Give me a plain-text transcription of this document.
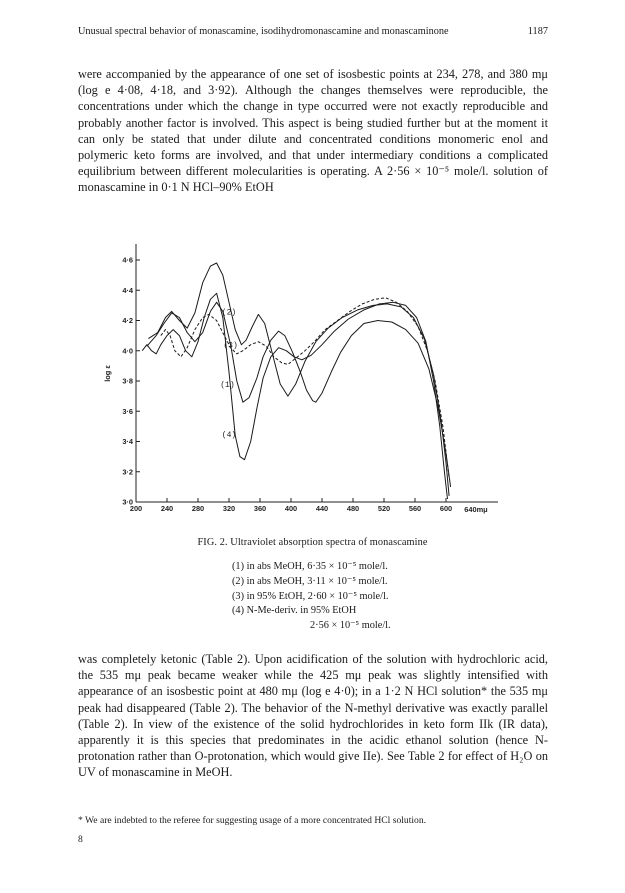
Unusual spectral behavior of monascamine, isodihydromonascamine and monascaminone	1187

were accompanied by the appearance of one set of isosbestic points at 234, 278, and 380 mμ (log e 4·08, 4·18, and 3·92). Although the changes themselves were reproducible, the concentrations under which the change in type occurred were not exactly reproducible and probably another factor is involved. This aspect is being studied further but at the moment it can only be stated that under dilute and concentrated conditions monomeric enol and polymeric keto forms are involved, and that under intermediary conditions a complicated equilibrium between different molecularities is operating. A 2·56 × 10⁻⁵ mole/l. solution of monascamine in 0·1 N HCl–90% EtOH

200	240	280	320	360	400	440	480	520	560	600 640mμ
4·6
4·4
4·2
4·0
3·8
3·6
3·4
3·2
3·0
log ε
(1)
(2)
(3)
(4)
FIG. 2. Ultraviolet absorption spectra of monascamine
(1) in abs MeOH, 6·35 × 10⁻⁵ mole/l.
(2) in abs MeOH, 3·11 × 10⁻⁵ mole/l.
(3) in 95% EtOH, 2·60 × 10⁻⁵ mole/l.
(4) N-Me-deriv. in 95% EtOH
2·56 × 10⁻⁵ mole/l.

was completely ketonic (Table 2). Upon acidification of the solution with hydrochloric acid, the 535 mμ peak became weaker while the 425 mμ peak was slightly intensified with appearance of an isosbestic point at 480 mμ (log e 4·0); in a 1·2 N HCl solution* the 535 mμ peak had disappeared (Table 2). The behavior of the N-methyl derivative was exactly parallel (Table 2). In view of the existence of the solid hydrochlorides in keto form IIk (IR data), apparently it is this species that predominates in the acidic ethanol solution (hence N-protonation rather than O-protonation, which would give IIe). See Table 2 for effect of H₂O on UV of monascamine in MeOH.

* We are indebted to the referee for suggesting usage of a more concentrated HCl solution.
8
